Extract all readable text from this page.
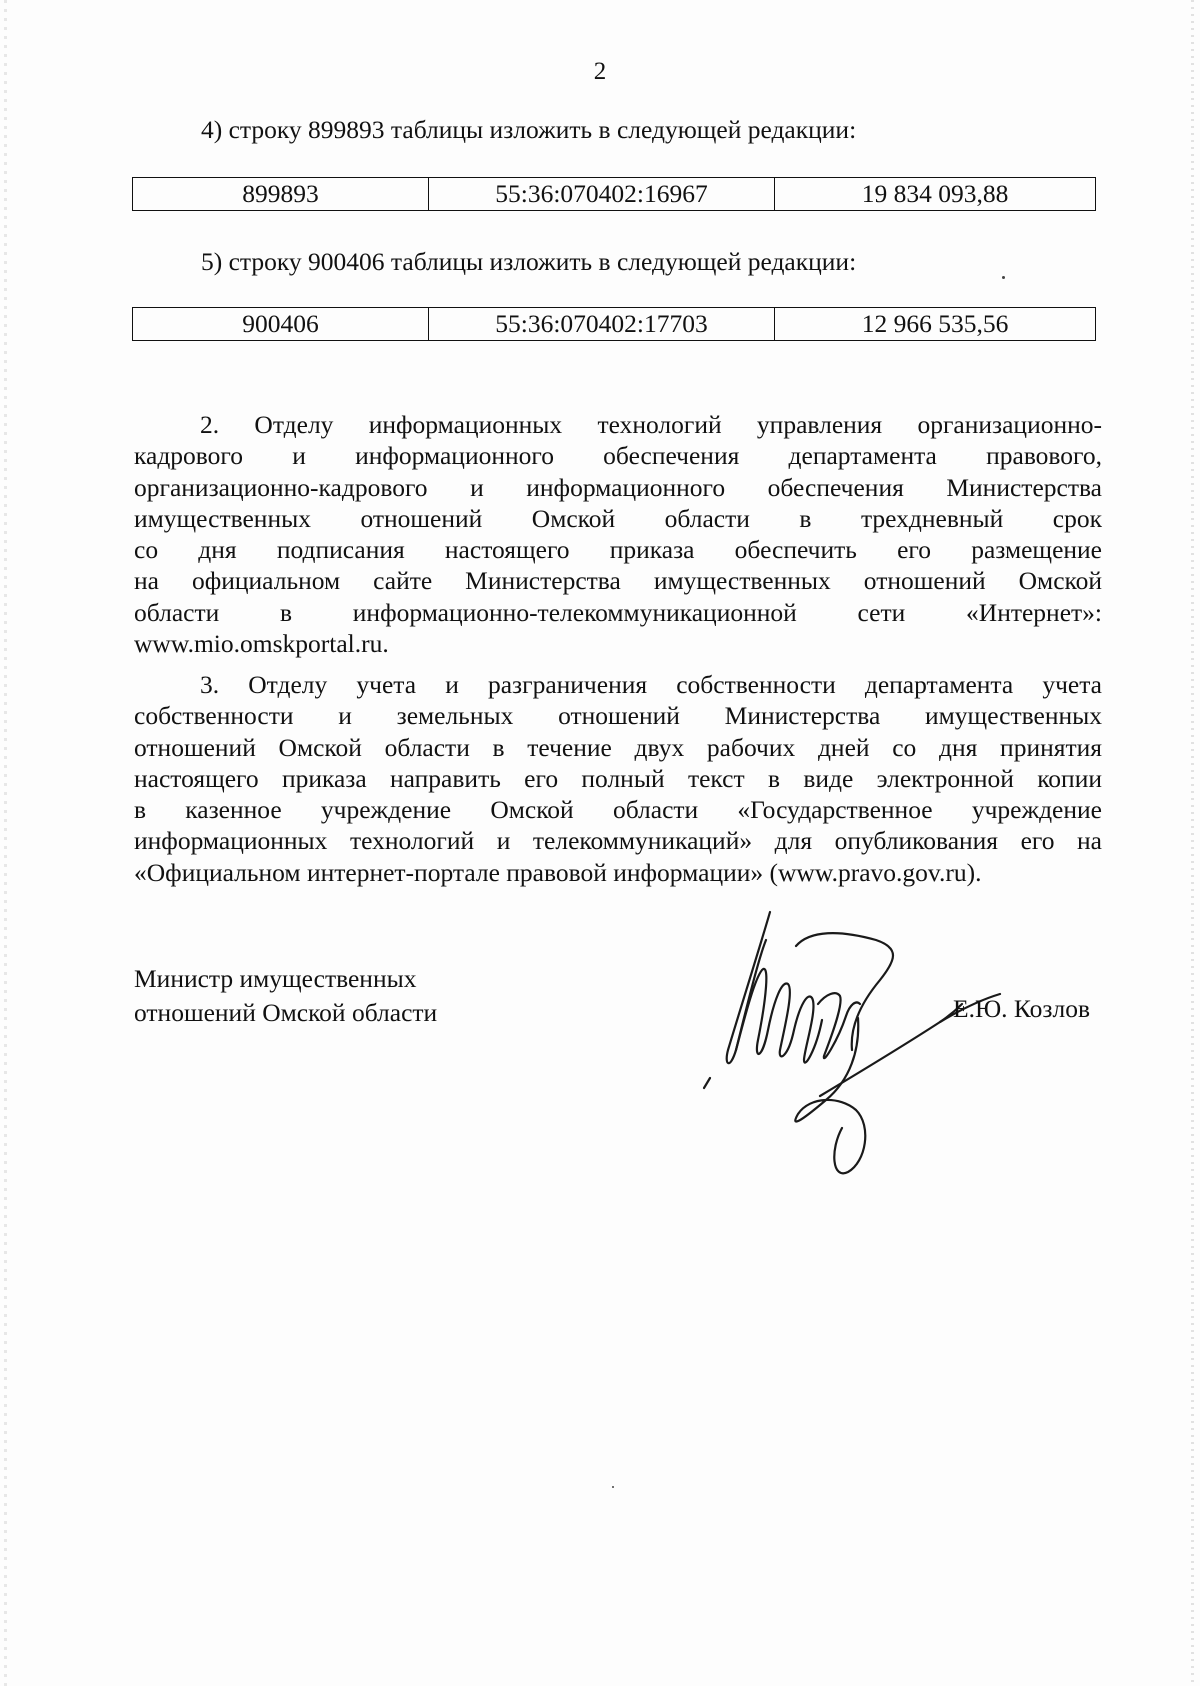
2
4) строку 899893 таблицы изложить в следующей редакции:
899893	55:36:070402:16967	19 834 093,88
5) строку 900406 таблицы изложить в следующей редакции:
900406	55:36:070402:17703	12 966 535,56
2. Отделу информационных технологий управления организационно-
кадрового и информационного обеспечения департамента правового,
организационно-кадрового и информационного обеспечения Министерства
имущественных отношений Омской области в трехдневный срок
со дня подписания настоящего приказа обеспечить его размещение
на официальном сайте Министерства имущественных отношений Омской
области в информационно-телекоммуникационной сети «Интернет»:
www.mio.omskportal.ru.
3. Отделу учета и разграничения собственности департамента учета
собственности и земельных отношений Министерства имущественных
отношений Омской области в течение двух рабочих дней со дня принятия
настоящего приказа направить его полный текст в виде электронной копии
в казенное учреждение Омской области «Государственное учреждение
информационных технологий и телекоммуникаций» для опубликования его на
«Официальном интернет-портале правовой информации» (www.pravo.gov.ru).
Министр имущественных
отношений Омской области	Е.Ю. Козлов
